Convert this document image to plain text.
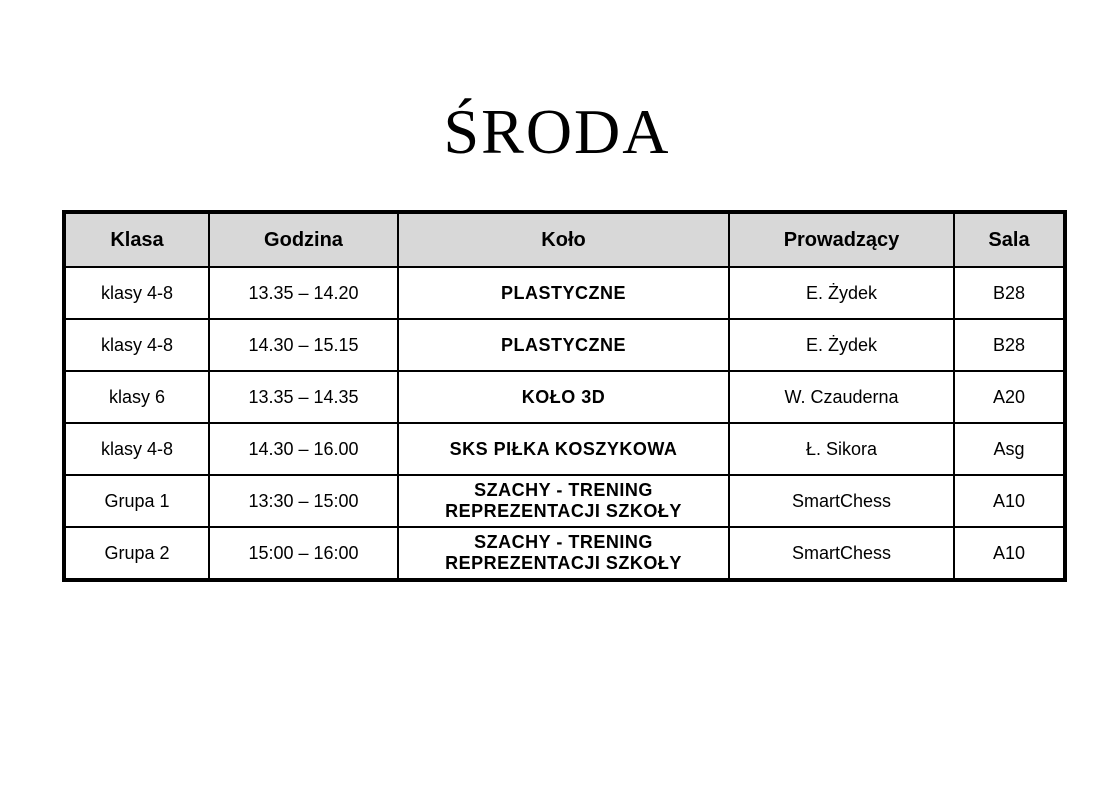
ŚRODA
Klasa	Godzina	Koło	Prowadzący	Sala
klasy 4-8	13.35 – 14.20	PLASTYCZNE	E. Żydek	B28
klasy 4-8	14.30 – 15.15	PLASTYCZNE	E. Żydek	B28
klasy 6	13.35 – 14.35	KOŁO 3D	W. Czauderna	A20
klasy 4-8	14.30 – 16.00	SKS PIŁKA KOSZYKOWA	Ł. Sikora	Asg
Grupa 1	13:30 – 15:00	SZACHY - TRENING REPREZENTACJI SZKOŁY	SmartChess	A10
Grupa 2	15:00 – 16:00	SZACHY - TRENING REPREZENTACJI SZKOŁY	SmartChess	A10
